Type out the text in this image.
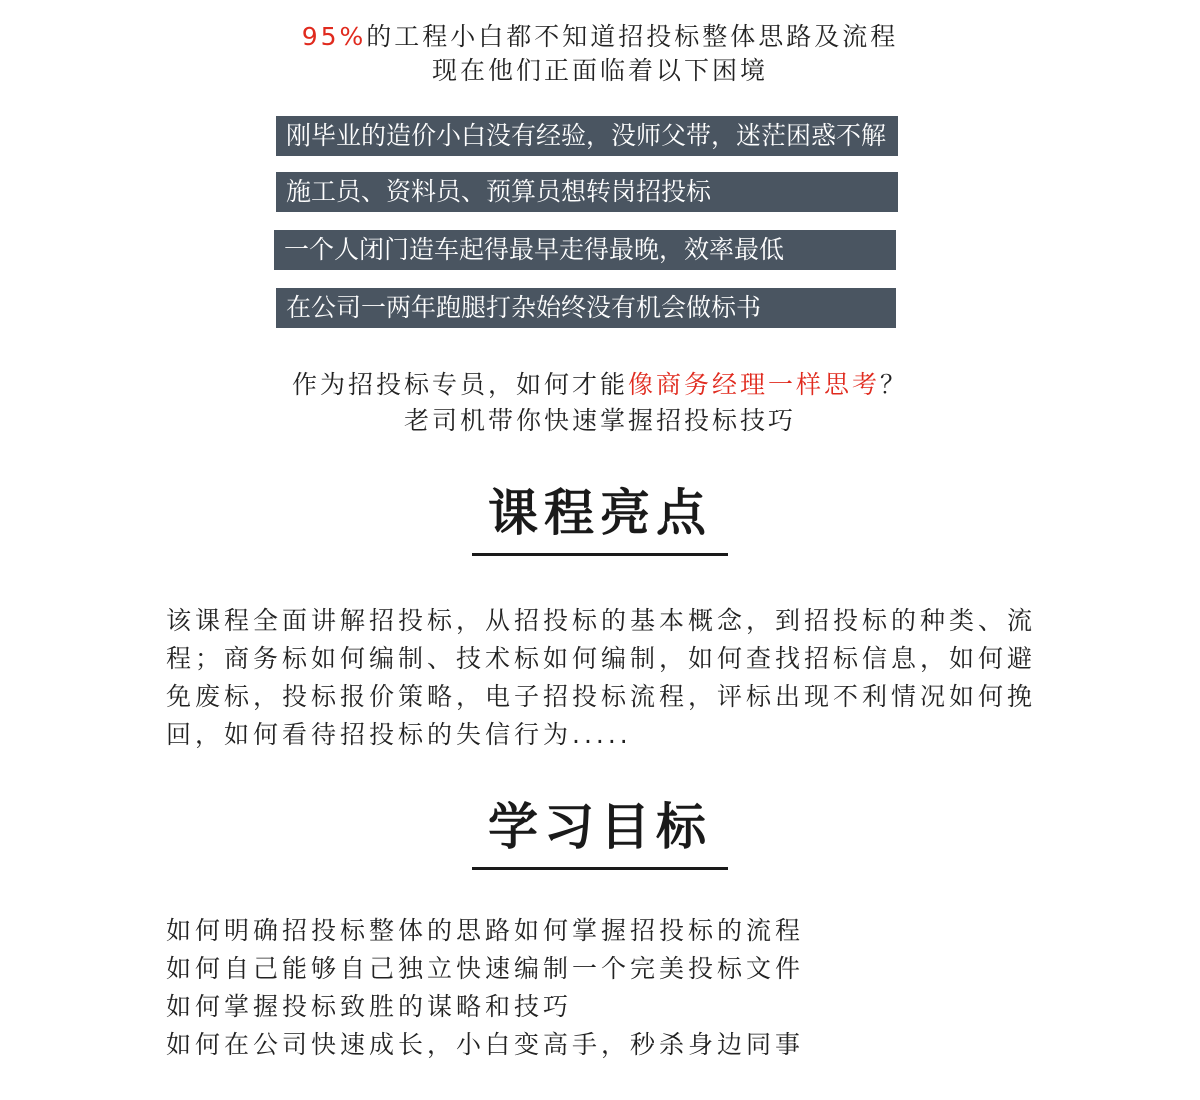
95%的工程小白都不知道招投标整体思路及流程
现在他们正面临着以下困境
刚毕业的造价小白没有经验，没师父带，迷茫困惑不解
施工员、资料员、预算员想转岗招投标
一个人闭门造车起得最早走得最晚，效率最低
在公司一两年跑腿打杂始终没有机会做标书
作为招投标专员，如何才能像商务经理一样思考？
老司机带你快速掌握招投标技巧
课程亮点
该课程全面讲解招投标，从招投标的基本概念，到招投标的种类、流程；商务标如何编制、技术标如何编制，如何查找招标信息，如何避免废标，投标报价策略，电子招投标流程，评标出现不利情况如何挽回，如何看待招投标的失信行为.....
学习目标
如何明确招投标整体的思路如何掌握招投标的流程
如何自己能够自己独立快速编制一个完美投标文件
如何掌握投标致胜的谋略和技巧
如何在公司快速成长，小白变高手，秒杀身边同事
